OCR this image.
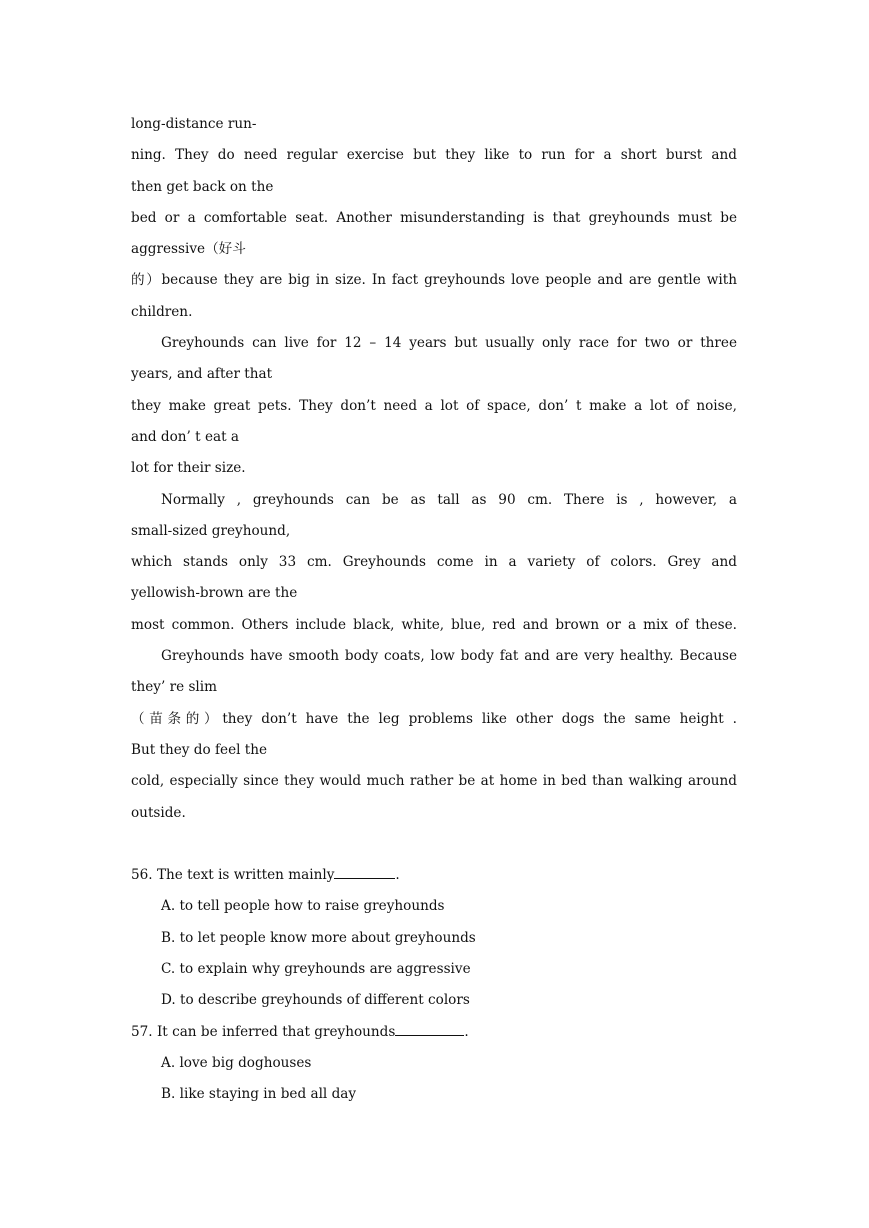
long-distance run-
ning. They do need regular exercise but they like to run for a short burst and
then get back on the
bed or a comfortable seat. Another misunderstanding is that greyhounds must be
aggressive（好斗
的）because they are big in size. In fact greyhounds love people and are gentle with
children.
Greyhounds can live for 12 – 14 years but usually only race for two or three
years, and after that
they make great pets. They don’t need a lot of space, don’ t make a lot of noise,
and don’ t eat a
lot for their size.
Normally , greyhounds can be as tall as 90 cm. There is , however, a
small-sized greyhound,
which stands only 33 cm. Greyhounds come in a variety of colors. Grey and
yellowish-brown are the
most common. Others include black, white, blue, red and brown or a mix of these.
Greyhounds have smooth body coats, low body fat and are very healthy. Because
they’ re slim
（苗条的）they don’t have the leg problems like other dogs the same height .
But they do feel the
cold, especially since they would much rather be at home in bed than walking around
outside.
56. The text is written mainly	.
A. to tell people how to raise greyhounds
B. to let people know more about greyhounds
C. to explain why greyhounds are aggressive
D. to describe greyhounds of different colors
57. It can be inferred that greyhounds	.
A. love big doghouses
B. like staying in bed all day
